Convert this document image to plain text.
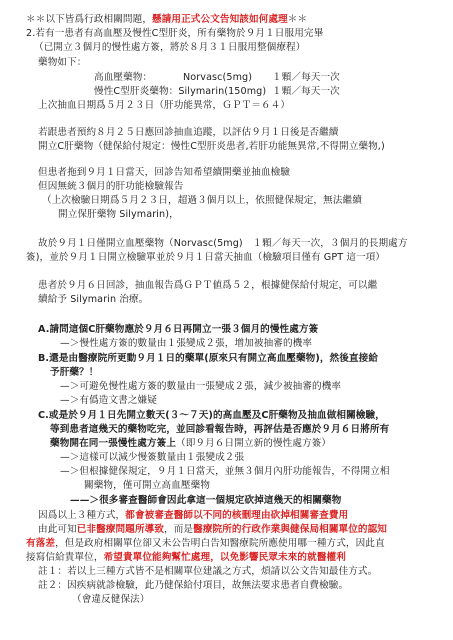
＊＊以下皆爲行政相關問題，懸請用正式公文告知該如何處理＊＊
2.若有一患者有高血壓及慢性C型肝炎，所有藥物於９月１日服用完畢
（已開立３個月的慢性處方簽，將於８月３１日服用整個療程）
藥物如下：
高血壓藥物：	Norvasc(5mg) １顆／每天一次
慢性C型肝炎藥物：Silymarin(150mg) １顆／每天一次
上次抽血日期爲５月２３日（肝功能異常，ＧＰＴ＝６４）
若跟患者預約８月２５日應回診抽血追蹤，以評估９月１日後是否繼續
開立C肝藥物（健保給付規定：慢性C型肝炎患者,若肝功能無異常,不得開立藥物,)
但患者拖到９月１日當天，回診告知希望續開藥並抽血檢驗
但因無統３個月的肝功能檢驗報告
（上次檢驗日期爲５月２３日，超過３個月以上，依照健保規定，無法繼續
開立保肝藥物 Silymarin)，
故於９月１日僅開立血壓藥物（Norvasc(5mg)　１顆／每天一次，３個月的長期處方
簽)，並於９月１日開立檢驗單並於９月１日當天抽血（檢驗項目僅有 GPT 這一項）
患者於９月６日回診，抽血報告爲ＧＰＴ値爲５２，根據健保給付規定，可以繼
續給予 Silymarin 治療。
A.請問這個C肝藥物應於９月６日再開立一張３個月的慢性處方簽
—＞慢性處方簽的數量由１張變成２張，增加被抽審的機率
B.還是由醫療院所更動９月１日的藥單(原來只有開立高血壓藥物)，然後直接給
予肝藥？！
—＞可避免慢性處方簽的數量由一張變成２張，減少被抽審的機率
—＞有僞造文書之嫌疑
C.或是於９月１日先開立數天(３～７天)的高血壓及C肝藥物及抽血做相關檢驗，
等到患者這幾天的藥物吃完，並回診看報告時，再評估是否應於９月６日將所有
藥物開在同一張慢性處方簽上（即９月６日開立新的慢性處方簽）
—＞這樣可以減少慢簽數量由１張變成２張
—＞但根據健保規定，９月１日當天，並無３個月內肝功能報告，不得開立相
關藥物，僅可開立高血壓藥物
——＞很多審查醫師會因此拿這一個規定砍掉這幾天的相關藥物
因爲以上３種方式，都會被審查醫師以不同的核刪理由砍掉相關審查費用
由此可知已非醫療問題所導致，而是醫療院所的行政作業與健保局相關單位的認知
有落差，但是政府相關單位卻又未公告明白告知醫療院所應使用哪一種方式，因此直
接寫信給貴單位，希望貴單位能夠幫忙處理，以免影響民眾未來的就醫權利
註１：若以上三種方式皆不是相關單位建議之方式，煩請以公文告知最佳方式。
註２：因疾病就診檢驗，此乃健保給付項目，故無法要求患者自費檢驗。
（會違反健保法）
